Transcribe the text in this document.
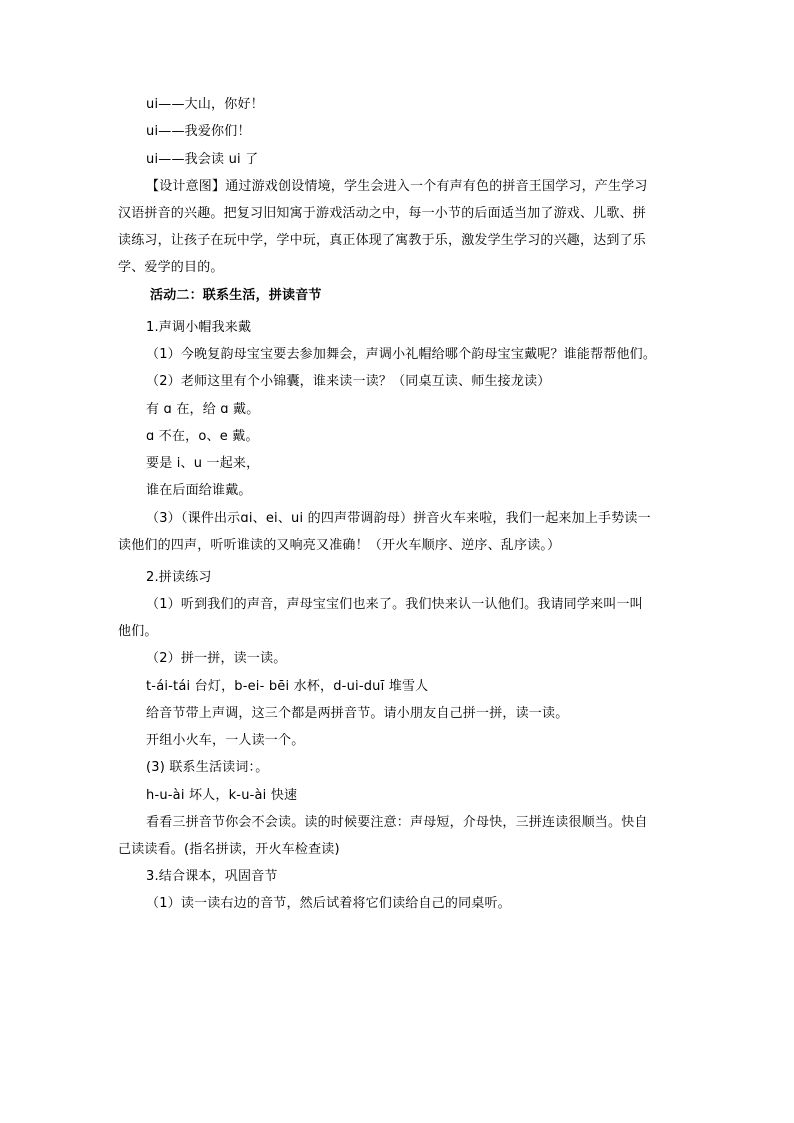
ui——大山，你好！
ui——我爱你们！
ui——我会读 ui 了
【设计意图】通过游戏创设情境，学生会进入一个有声有色的拼音王国学习，产生学习
汉语拼音的兴趣。把复习旧知寓于游戏活动之中，每一小节的后面适当加了游戏、儿歌、拼
读练习，让孩子在玩中学，学中玩，真正体现了寓教于乐，激发学生学习的兴趣，达到了乐
学、爱学的目的。
活动二：联系生活，拼读音节
1.声调小帽我来戴
（1）今晚复韵母宝宝要去参加舞会，声调小礼帽给哪个韵母宝宝戴呢？谁能帮帮他们。
（2）老师这里有个小锦囊，谁来读一读？（同桌互读、师生接龙读）
有 ɑ 在，给 ɑ 戴。
ɑ 不在，o、e 戴。
要是 i、u 一起来，
谁在后面给谁戴。
（3）（课件出示ɑi、ei、ui 的四声带调韵母）拼音火车来啦，我们一起来加上手势读一
读他们的四声，听听谁读的又响亮又准确！（开火车顺序、逆序、乱序读。）
2.拼读练习
（1）听到我们的声音，声母宝宝们也来了。我们快来认一认他们。我请同学来叫一叫
他们。
（2）拼一拼，读一读。
t-ái-tái 台灯，b-ei- bēi 水杯，d-ui-duī 堆雪人
给音节带上声调，这三个都是两拼音节。请小朋友自己拼一拼，读一读。
开组小火车，一人读一个。
(3) 联系生活读词：。
h-u-ài 坏人，k-u-ài 快速
看看三拼音节你会不会读。读的时候要注意：声母短，介母快，三拼连读很顺当。快自
己读读看。(指名拼读，开火车检查读)
3.结合课本，巩固音节
（1）读一读右边的音节，然后试着将它们读给自己的同桌听。
